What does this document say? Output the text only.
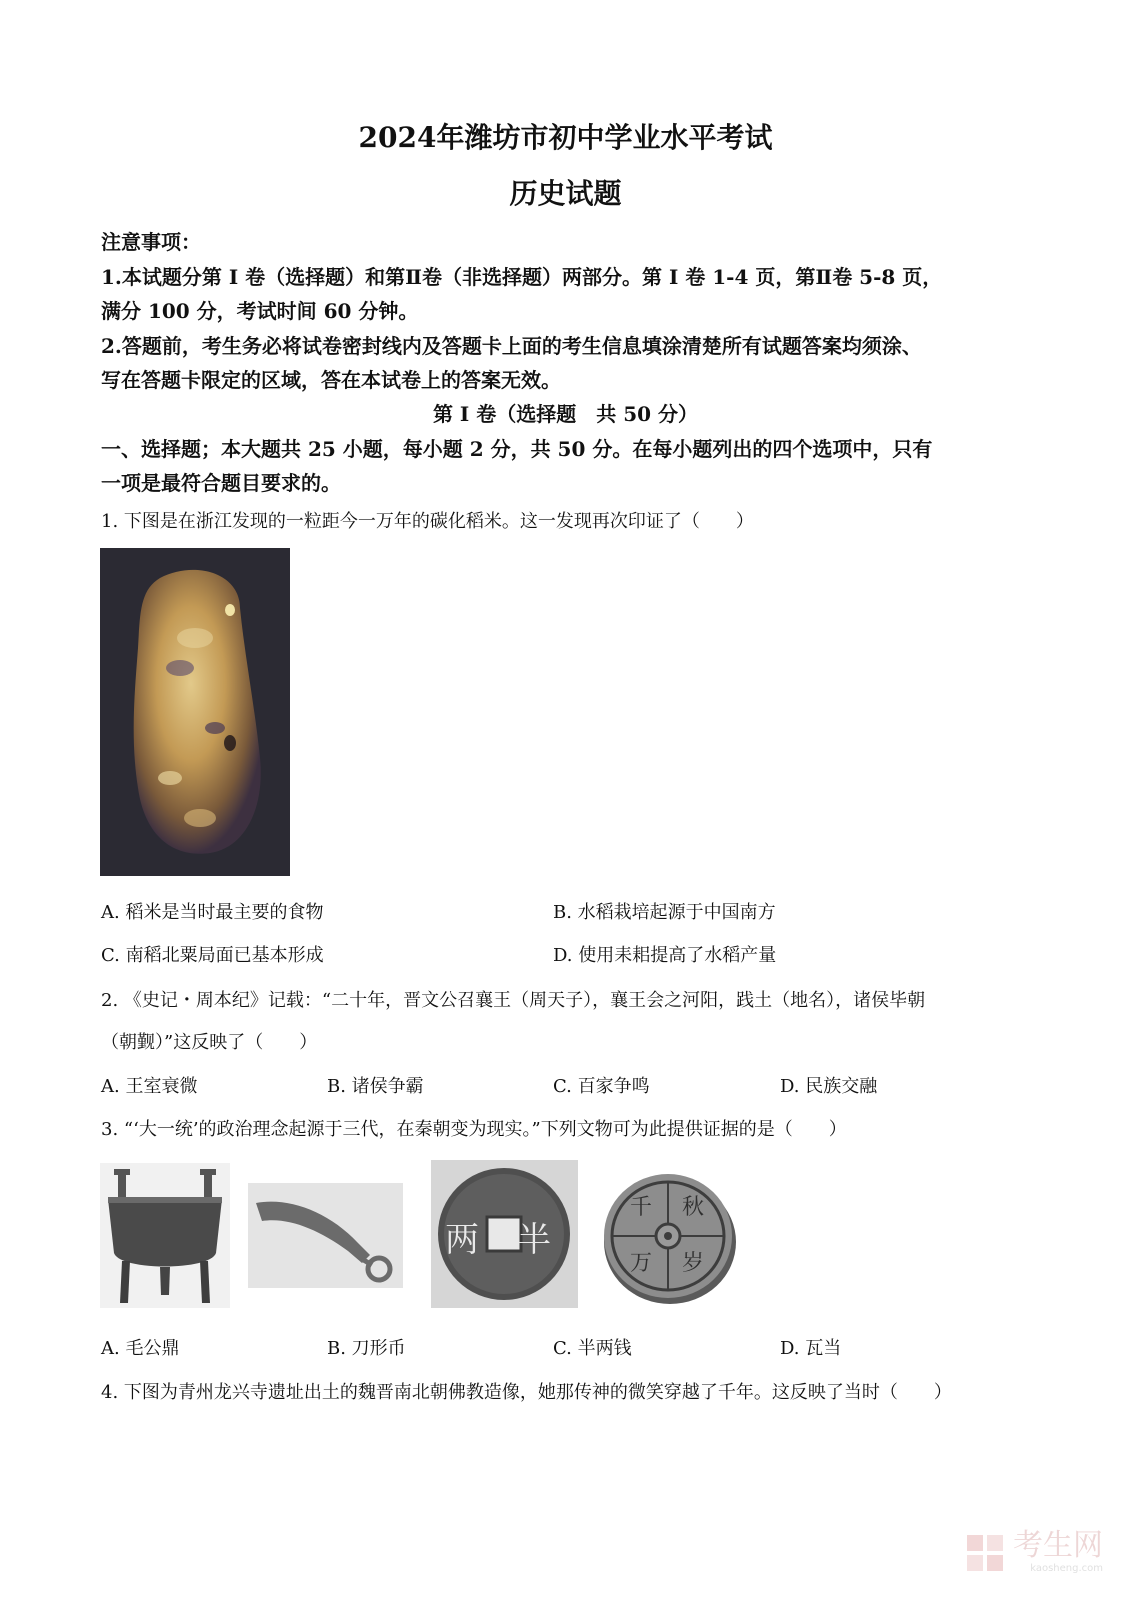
2024年潍坊市初中学业水平考试
历史试题
注意事项：
1.本试题分第 I 卷（选择题）和第Ⅱ卷（非选择题）两部分。第 I 卷 1-4 页，第Ⅱ卷 5-8 页，
满分 100 分，考试时间 60 分钟。
2.答题前，考生务必将试卷密封线内及答题卡上面的考生信息填涂清楚所有试题答案均须涂、
写在答题卡限定的区域，答在本试卷上的答案无效。
第 I 卷（选择题　共 50 分）
一、选择题；本大题共 25 小题，每小题 2 分，共 50 分。在每小题列出的四个选项中，只有
一项是最符合题目要求的。
1. 下图是在浙江发现的一粒距今一万年的碳化稻米。这一发现再次印证了（　　）
A. 稻米是当时最主要的食物	B. 水稻栽培起源于中国南方
C. 南稻北粟局面已基本形成	D. 使用耒耜提高了水稻产量
2. 《史记・周本纪》记载：“二十年，晋文公召襄王（周天子），襄王会之河阳，践土（地名），诸侯毕朝
（朝觐）”这反映了（　　）
A. 王室衰微	B. 诸侯争霸	C. 百家争鸣	D. 民族交融
3. “‘大一统’的政治理念起源于三代，在秦朝变为现实。”下列文物可为此提供证据的是（　　）
半
两
千 秋
万 岁
A. 毛公鼎	B. 刀形币	C. 半两钱	D. 瓦当
4. 下图为青州龙兴寺遗址出土的魏晋南北朝佛教造像，她那传神的微笑穿越了千年。这反映了当时（　　）
考生网
kaosheng.com
